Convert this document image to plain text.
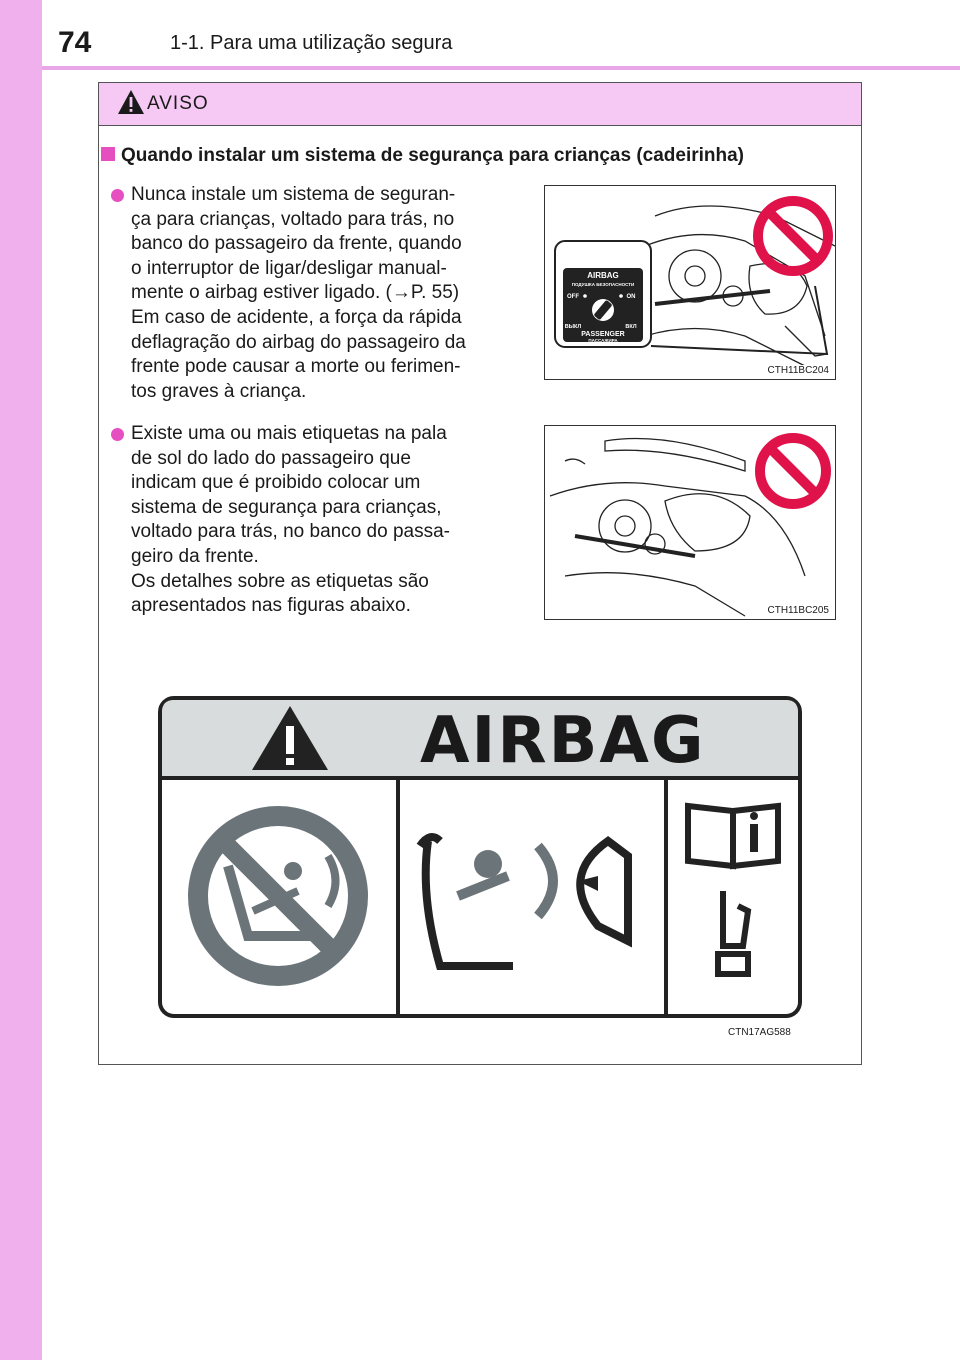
74	1-1. Para uma utilização segura
AVISO
Quando instalar um sistema de segurança para crianças (cadeirinha)

Nunca instale um sistema de seguran-
ça para crianças, voltado para trás, no
banco do passageiro da frente, quando
o interruptor de ligar/desligar manual-
mente o airbag estiver ligado. (→P. 55)
Em caso de acidente, a força da rápida
deflagração do airbag do passageiro da
frente pode causar a morte ou ferimen-
tos graves à criança.

Existe uma ou mais etiquetas na pala
de sol do lado do passageiro que
indicam que é proibido colocar um
sistema de segurança para crianças,
voltado para trás, no banco do passa-
geiro da frente.
Os detalhes sobre as etiquetas são
apresentados nas figuras abaixo.

AIRBAG
ПОДУШКА БЕЗОПАСНОСТИ
OFF	ON
ВЫКЛ	ВКЛ
PASSENGER
ПАССАЖИРА
CTH11BC204
CTH11BC205
AIRBAG
CTN17AG588
